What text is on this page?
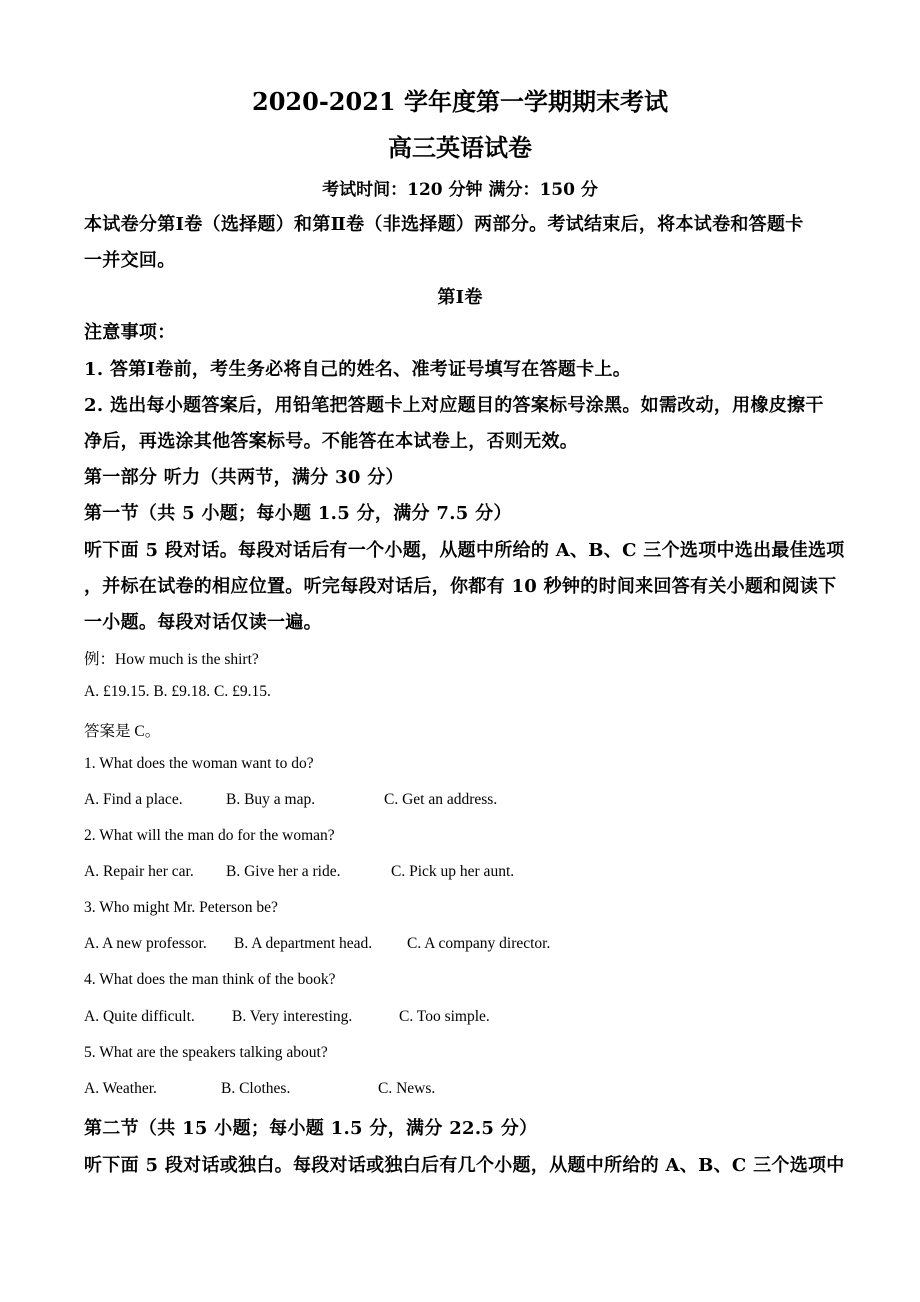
2020-2021 学年度第一学期期末考试
高三英语试卷
考试时间：120 分钟 满分：150 分
本试卷分第Ⅰ卷（选择题）和第Ⅱ卷（非选择题）两部分。考试结束后，将本试卷和答题卡
一并交回。
第Ⅰ卷
注意事项：
1. 答第Ⅰ卷前，考生务必将自己的姓名、准考证号填写在答题卡上。
2. 选出每小题答案后，用铅笔把答题卡上对应题目的答案标号涂黑。如需改动，用橡皮擦干
净后，再选涂其他答案标号。不能答在本试卷上，否则无效。
第一部分 听力（共两节，满分 30 分）
第一节（共 5 小题；每小题 1.5 分，满分 7.5 分）
听下面 5 段对话。每段对话后有一个小题，从题中所给的 A、B、C 三个选项中选出最佳选项
，并标在试卷的相应位置。听完每段对话后，你都有 10 秒钟的时间来回答有关小题和阅读下
一小题。每段对话仅读一遍。
例：How much is the shirt?
A. £19.15. B. £9.18. C. £9.15.
答案是 C。
1. What does the woman want to do?
A. Find a place.	B. Buy a map.	C. Get an address.
2. What will the man do for the woman?
A. Repair her car. B. Give her a ride.	C. Pick up her aunt.
3. Who might Mr. Peterson be?
A. A new professor. B. A department head. C. A company director.
4. What does the man think of the book?
A. Quite difficult. B. Very interesting.	C. Too simple.
5. What are the speakers talking about?
A. Weather.	B. Clothes.	C. News.
第二节（共 15 小题；每小题 1.5 分，满分 22.5 分）
听下面 5 段对话或独白。每段对话或独白后有几个小题，从题中所给的 A、B、C 三个选项中
